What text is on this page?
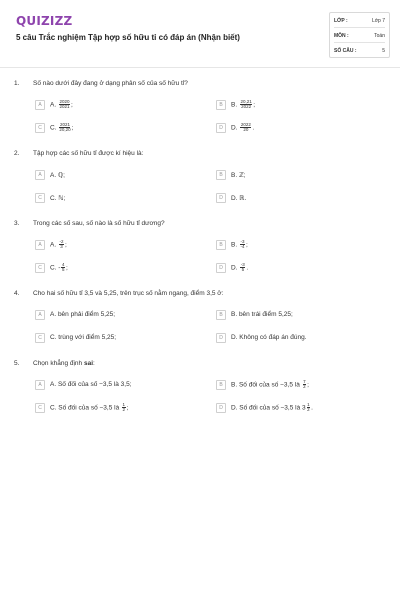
QUIZIZZ
5 câu Trắc nghiệm Tập hợp số hữu tỉ có đáp án (Nhận biết)
LỚP :	Lớp 7
MÔN :	Toán
SỐ CÂU :	5
1. Số nào dưới đây đang ở dạng phân số của số hữu tỉ?
A	A. $\frac{2020}{2021}$ ;	B	B. $\frac{20,21}{2022}$ ;
C	C. $\frac{2021}{20,20}$ ;	D	D. $\frac{2022}{20}$ .
2. Tập hợp các số hữu tỉ được kí hiệu là:
A	A. ℚ;	B	B. ℤ;
C	C. ℕ;	D	D. ℝ.
3. Trong các số sau, số nào là số hữu tỉ dương?
A	A. $\frac{-2}{3}$ ;	B	B. $\frac{-3}{-4}$ ;
C	C. - $\frac{4}{5}$ ;	D	D. $\frac{-3}{5}$ .
4. Cho hai số hữu tỉ 3,5 và 5,25, trên trục số nằm ngang, điểm 3,5 ở:
A	A. bên phải điểm 5,25;	B	B. bên trái điểm 5,25;
C	C. trùng với điểm 5,25;	D	D. Không có đáp án đúng.
5. Chọn khẳng định sai:
A	A. Số đối của số −3,5 là 3,5;	B	B. Số đối của số −3,5 là $\frac{7}{2}$ ;
C	C. Số đối của số −3,5 là $\frac{1}{2}$ ;	D	D. Số đối của số −3,5 là $3 \frac{1}{2}$ .
